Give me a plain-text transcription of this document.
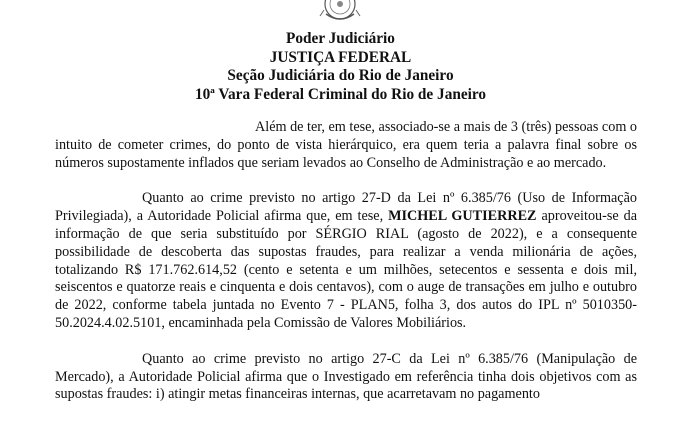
Poder Judiciário
JUSTIÇA FEDERAL
Seção Judiciária do Rio de Janeiro
10ª Vara Federal Criminal do Rio de Janeiro

Além de ter, em tese, associado-se a mais de 3 (três) pessoas com o intuito de cometer crimes, do ponto de vista hierárquico, era quem teria a palavra final sobre os números supostamente inflados que seriam levados ao Conselho de Administração e ao mercado.

Quanto ao crime previsto no artigo 27-D da Lei nº 6.385/76 (Uso de Informação Privilegiada), a Autoridade Policial afirma que, em tese, MICHEL GUTIERREZ aproveitou-se da informação de que seria substituído por SÉRGIO RIAL (agosto de 2022), e a consequente possibilidade de descoberta das supostas fraudes, para realizar a venda milionária de ações, totalizando R$ 171.762.614,52 (cento e setenta e um milhões, setecentos e sessenta e dois mil, seiscentos e quatorze reais e cinquenta e dois centavos), com o auge de transações em julho e outubro de 2022, conforme tabela juntada no Evento 7 - PLAN5, folha 3, dos autos do IPL nº 5010350-50.2024.4.02.5101, encaminhada pela Comissão de Valores Mobiliários.

Quanto ao crime previsto no artigo 27-C da Lei nº 6.385/76 (Manipulação de Mercado), a Autoridade Policial afirma que o Investigado em referência tinha dois objetivos com as supostas fraudes: i) atingir metas financeiras internas, que acarretavam no pagamento
